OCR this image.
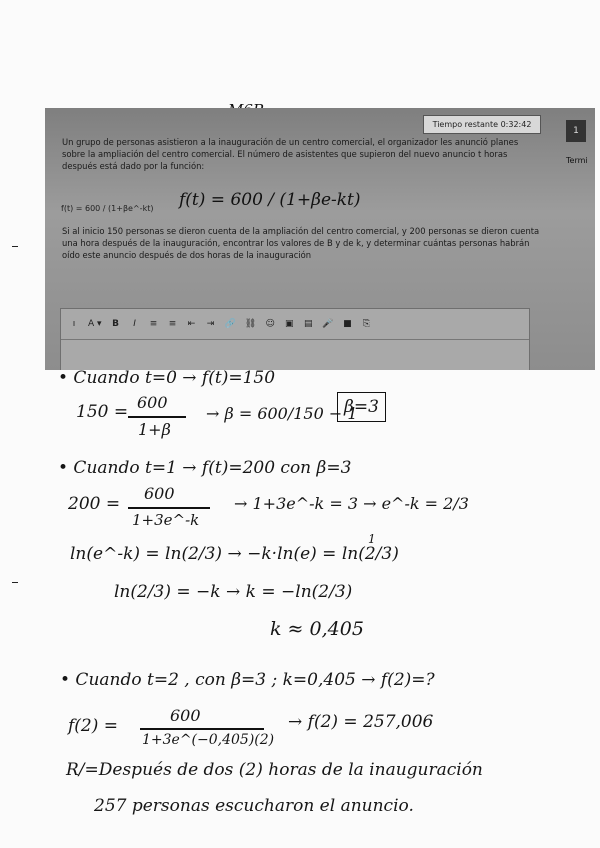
Tiempo restante 0:32:42
1
Termi
Un grupo de personas asistieron a la inauguración de un centro comercial, el organizador les anunció planes sobre la ampliación del centro comercial. El número de asistentes que supieron del nuevo anuncio t horas después está dado por la función:
f(t) = 600 / (1+βe^-kt) f(t) = 600 / (1+βe-kt)
Si al inicio 150 personas se dieron cuenta de la ampliación del centro comercial, y 200 personas se dieron cuenta una hora después de la inauguración, encontrar los valores de B y de k, y determinar cuántas personas habrán oído este anuncio después de dos horas de la inauguración
ı	A ▾ B	I	≡ ≡ ⇤ ⇥ 🔗 ⛓ ☺ ▣ ▤ 🎤 ■ ⎘
• Cuando t=0 → f(t)=150
150 = 600
1+β
→ β = 600/150 − 1
β=3
• Cuando t=1 → f(t)=200 con β=3
200 =
600
1+3e^-k
→ 1+3e^-k = 3 → e^-k = 2/3
1
ln(e^-k) = ln(2/3) → −k·ln(e) = ln(2/3)
ln(2/3) = −k → k = −ln(2/3)
k ≈ 0,405
• Cuando t=2 , con β=3 ; k=0,405 → f(2)=?
f(2) =
600
1+3e^(−0,405)(2)
→ f(2) = 257,006
R/=Después de dos (2) horas de la inauguración
257 personas escucharon el anuncio.
